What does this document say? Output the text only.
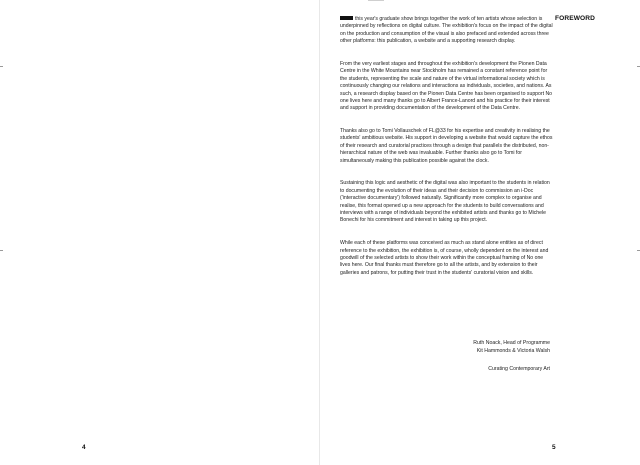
4
FOREWORD

this year's graduate show brings together the work of ten artists whose selection is underpinned by reflections on digital culture. The exhibition's focus on the impact of the digital on the production and consumption of the visual is also prefaced and extended across three other platforms: this publication, a website and a supporting research display.

From the very earliest stages and throughout the exhibition's development the Pionen Data Centre in the White Mountains near Stockholm has remained a constant reference point for the students, representing the scale and nature of the virtual informational society which is continuously changing our relations and interactions as individuals, societies, and nations. As such, a research display based on the Pionen Data Centre has been organised to support No one lives here and many thanks go to Albert France-Lanord and his practice for their interest and support in providing documentation of the development of the Data Centre.

Thanks also go to Tomi Vollauschek of FL@33 for his expertise and creativity in realising the students' ambitious website. His support in developing a website that would capture the ethos of their research and curatorial practices through a design that parallels the distributed, non-hierarchical nature of the web was invaluable. Further thanks also go to Tomi for simultaneously making this publication possible against the clock.

Sustaining this logic and aesthetic of the digital was also important to the students in relation to documenting the evolution of their ideas and their decision to commission an i-Doc ('interactive documentary') followed naturally. Significantly more complex to organise and realise, this format opened up a new approach for the students to build conversations and interviews with a range of individuals beyond the exhibited artists and thanks go to Michele Bonechi for his commitment and interest in taking up this project.

While each of these platforms was conceived as much as stand alone entities as of direct reference to the exhibition, the exhibition is, of course, wholly dependent on the interest and goodwill of the selected artists to show their work within the conceptual framing of No one lives here. Our final thanks must therefore go to all the artists, and by extension to their galleries and patrons, for putting their trust in the students' curatorial vision and skills.

Ruth Noack, Head of Programme
Kit Hammonds & Victoria Walsh
Curating Contemporary Art
5
